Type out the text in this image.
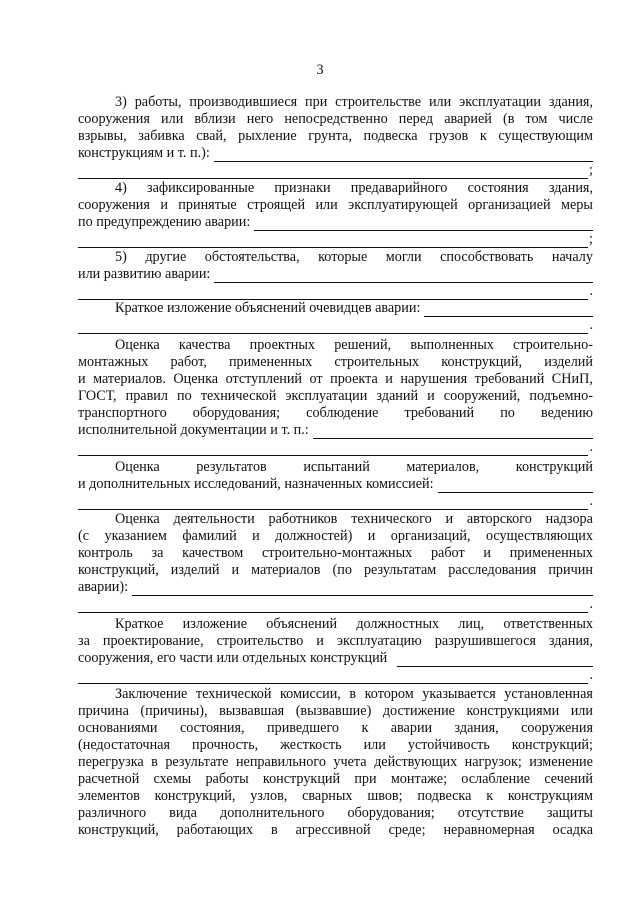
3
3) работы, производившиеся при строительстве или эксплуатации здания,
сооружения или вблизи него непосредственно перед аварией (в том числе
взрывы, забивка свай, рыхление грунта, подвеска грузов к существующим
конструкциям и т. п.):
;
4) зафиксированные признаки предаварийного состояния здания,
сооружения и принятые строящей или эксплуатирующей организацией меры
по предупреждению аварии:
;
5) другие обстоятельства, которые могли способствовать началу
или развитию аварии:
.
Краткое изложение объяснений очевидцев аварии:
.
Оценка качества проектных решений, выполненных строительно-
монтажных работ, примененных строительных конструкций, изделий
и материалов. Оценка отступлений от проекта и нарушения требований СНиП,
ГОСТ, правил по технической эксплуатации зданий и сооружений, подъемно-
транспортного оборудования; соблюдение требований по ведению
исполнительной документации и т. п.:
.
Оценка	результатов	испытаний	материалов,	конструкций
и дополнительных исследований, назначенных комиссией:
.
Оценка деятельности работников технического и авторского надзора
(с указанием фамилий и должностей) и организаций, осуществляющих
контроль за качеством строительно-монтажных работ и примененных
конструкций, изделий и материалов (по результатам расследования причин
аварии):
.
Краткое изложение объяснений должностных лиц, ответственных
за проектирование, строительство и эксплуатацию разрушившегося здания,
сооружения, его части или отдельных конструкций
.
Заключение технической комиссии, в котором указывается установленная
причина (причины), вызвавшая (вызвавшие) достижение конструкциями или
основаниями состояния, приведшего к аварии здания, сооружения
(недостаточная прочность, жесткость или устойчивость конструкций;
перегрузка в результате неправильного учета действующих нагрузок; изменение
расчетной схемы работы конструкций при монтаже; ослабление сечений
элементов конструкций, узлов, сварных швов; подвеска к конструкциям
различного вида дополнительного оборудования; отсутствие защиты
конструкций, работающих в агрессивной среде; неравномерная осадка
